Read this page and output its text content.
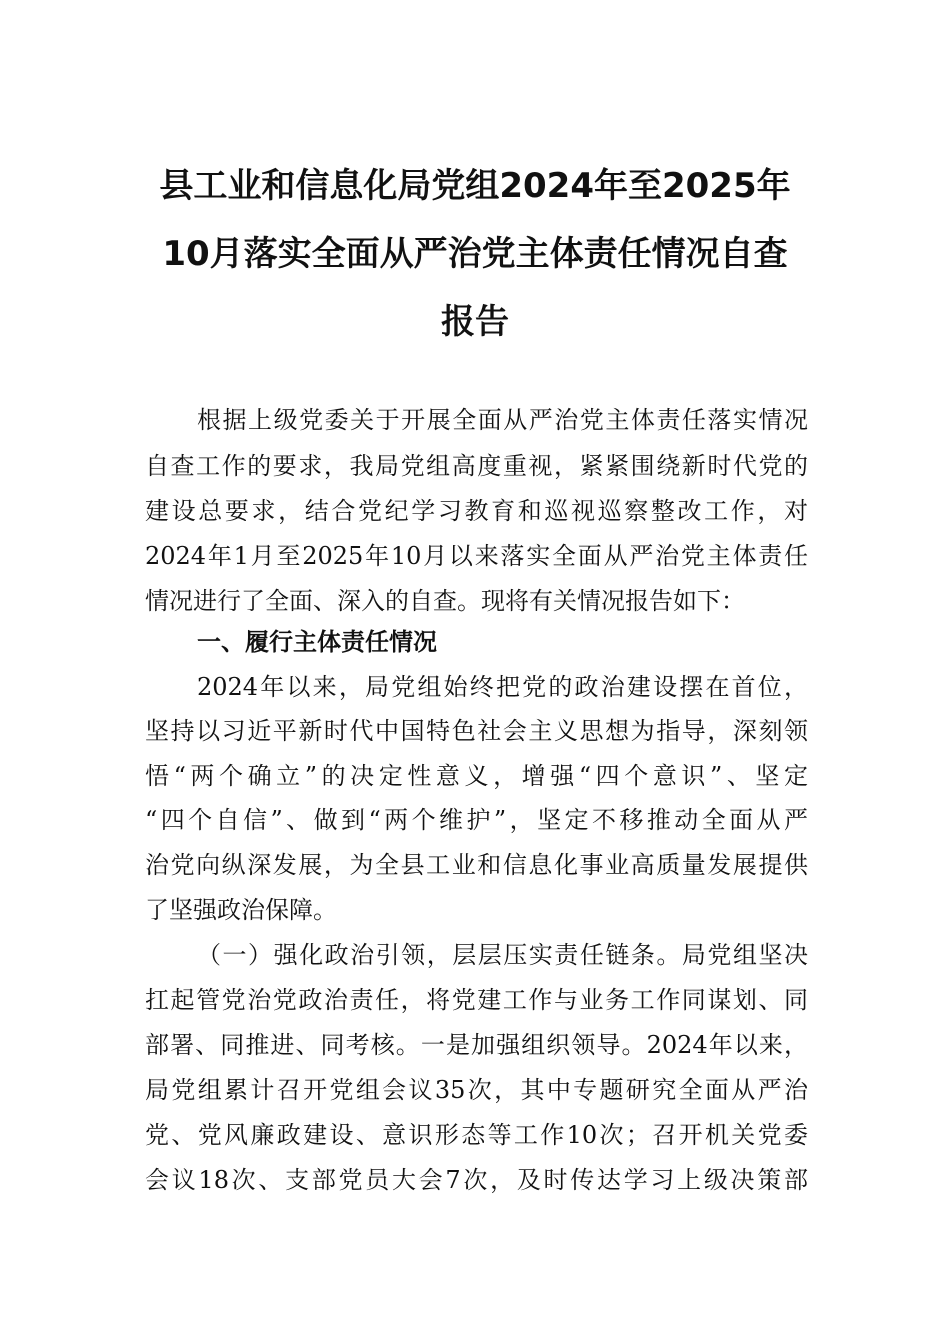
县工业和信息化局党组2024年至2025年
10月落实全面从严治党主体责任情况自查
报告
根据上级党委关于开展全面从严治党主体责任落实情况
自查工作的要求，我局党组高度重视，紧紧围绕新时代党的
建设总要求，结合党纪学习教育和巡视巡察整改工作，对
2024年1月至2025年10月以来落实全面从严治党主体责任
情况进行了全面、深入的自查。现将有关情况报告如下：
一、履行主体责任情况
2024年以来，局党组始终把党的政治建设摆在首位，
坚持以习近平新时代中国特色社会主义思想为指导，深刻领
悟“两个确立”的决定性意义，增强“四个意识”、坚定
“四个自信”、做到“两个维护”，坚定不移推动全面从严
治党向纵深发展，为全县工业和信息化事业高质量发展提供
了坚强政治保障。
（一）强化政治引领，层层压实责任链条。局党组坚决
扛起管党治党政治责任，将党建工作与业务工作同谋划、同
部署、同推进、同考核。一是加强组织领导。2024年以来，
局党组累计召开党组会议35次，其中专题研究全面从严治
党、党风廉政建设、意识形态等工作10次；召开机关党委
会议18次、支部党员大会7次，及时传达学习上级决策部
